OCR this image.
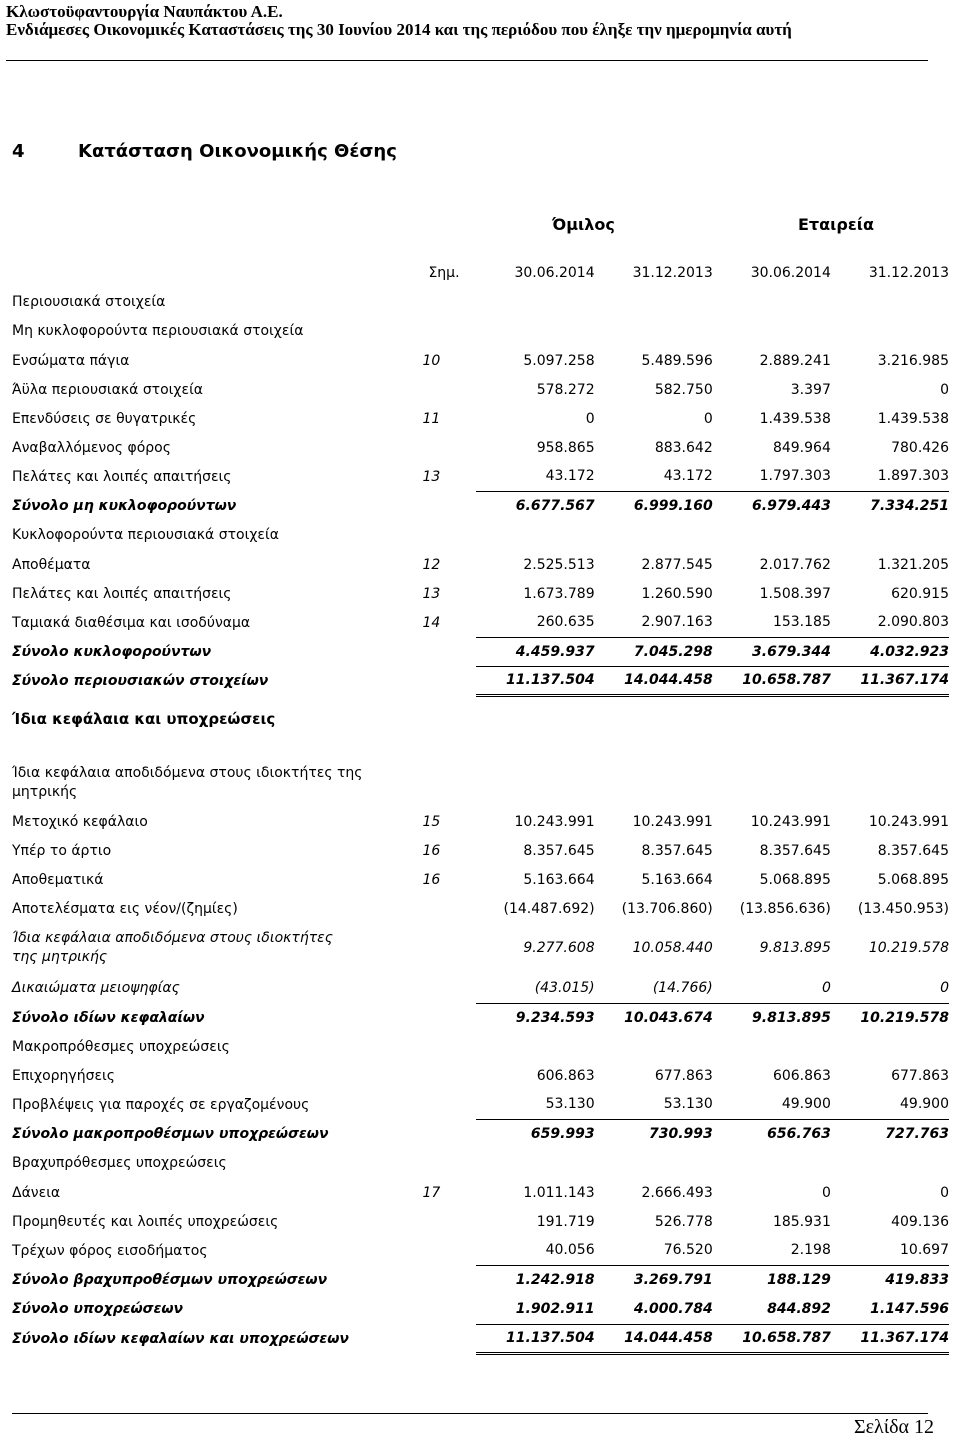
Κλωστοϋφαντουργία Ναυπάκτου Α.Ε.
Ενδιάμεσες Οικονομικές Καταστάσεις της 30 Ιουνίου 2014 και της περιόδου που έληξε την ημερομηνία αυτή
4	Κατάσταση Οικονομικής Θέσης
Όμιλος	Εταιρεία
	Σημ.	30.06.2014	31.12.2013	30.06.2014	31.12.2013
Περιουσιακά στοιχεία					
Μη κυκλοφορούντα περιουσιακά στοιχεία					
Ενσώματα πάγια	10	5.097.258	5.489.596	2.889.241	3.216.985
Άϋλα περιουσιακά στοιχεία		578.272	582.750	3.397	0
Επενδύσεις σε θυγατρικές	11	0	0	1.439.538	1.439.538
Αναβαλλόμενος φόρος		958.865	883.642	849.964	780.426
Πελάτες και λοιπές απαιτήσεις	13	43.172	43.172	1.797.303	1.897.303
Σύνολο μη κυκλοφορούντων		6.677.567	6.999.160	6.979.443	7.334.251
Κυκλοφορούντα περιουσιακά στοιχεία					
Αποθέματα	12	2.525.513	2.877.545	2.017.762	1.321.205
Πελάτες και λοιπές απαιτήσεις	13	1.673.789	1.260.590	1.508.397	620.915
Ταμιακά διαθέσιμα και ισοδύναμα	14	260.635	2.907.163	153.185	2.090.803
Σύνολο κυκλοφορούντων		4.459.937	7.045.298	3.679.344	4.032.923
Σύνολο περιουσιακών στοιχείων		11.137.504	14.044.458	10.658.787	11.367.174
Ίδια κεφάλαια και υποχρεώσεις					
Ίδια κεφάλαια αποδιδόμενα στους ιδιοκτήτες της μητρικής					
Μετοχικό κεφάλαιο	15	10.243.991	10.243.991	10.243.991	10.243.991
Υπέρ το άρτιο	16	8.357.645	8.357.645	8.357.645	8.357.645
Αποθεματικά	16	5.163.664	5.163.664	5.068.895	5.068.895
Αποτελέσματα εις νέον/(ζημίες)		(14.487.692)	(13.706.860)	(13.856.636)	(13.450.953)
Ίδια κεφάλαια αποδιδόμενα στους ιδιοκτήτες της μητρικής		9.277.608	10.058.440	9.813.895	10.219.578
Δικαιώματα μειοψηφίας		(43.015)	(14.766)	0	0
Σύνολο ιδίων κεφαλαίων		9.234.593	10.043.674	9.813.895	10.219.578
Μακροπρόθεσμες υποχρεώσεις					
Επιχορηγήσεις		606.863	677.863	606.863	677.863
Προβλέψεις για παροχές σε εργαζομένους		53.130	53.130	49.900	49.900
Σύνολο μακροπροθέσμων υποχρεώσεων		659.993	730.993	656.763	727.763
Βραχυπρόθεσμες υποχρεώσεις					
Δάνεια	17	1.011.143	2.666.493	0	0
Προμηθευτές και λοιπές υποχρεώσεις		191.719	526.778	185.931	409.136
Τρέχων φόρος εισοδήματος		40.056	76.520	2.198	10.697
Σύνολο βραχυπροθέσμων υποχρεώσεων		1.242.918	3.269.791	188.129	419.833
Σύνολο υποχρεώσεων		1.902.911	4.000.784	844.892	1.147.596
Σύνολο ιδίων κεφαλαίων και υποχρεώσεων		11.137.504	14.044.458	10.658.787	11.367.174
Σελίδα 12
